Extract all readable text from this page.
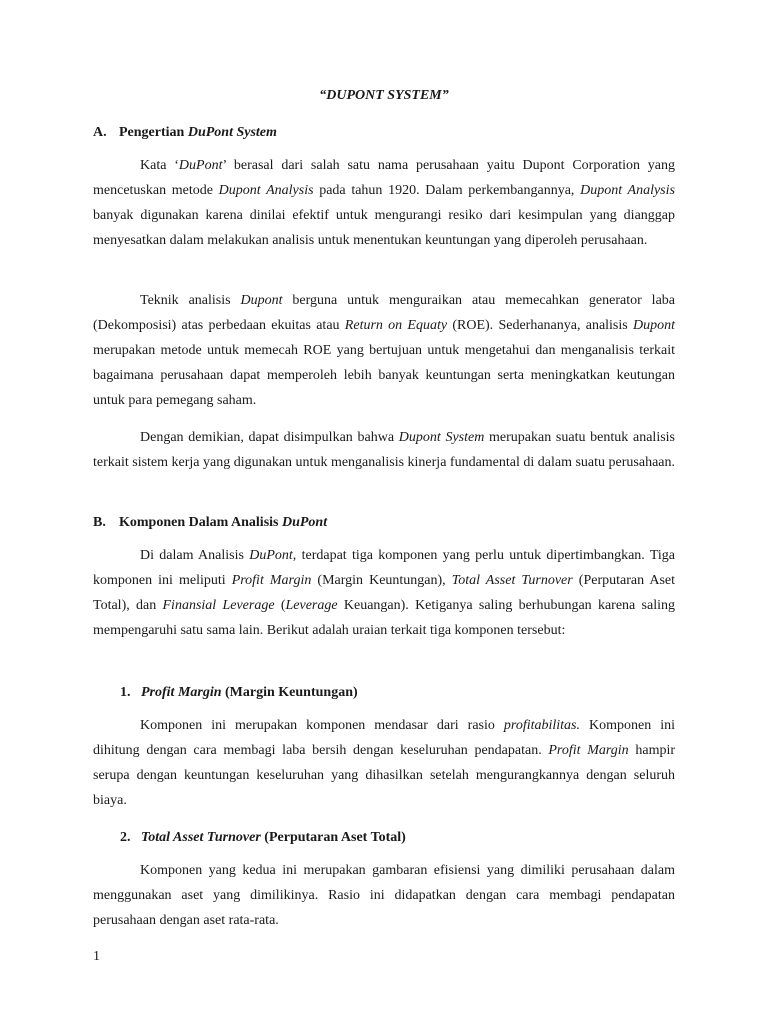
“DUPONT SYSTEM”
A. Pengertian DuPont System
Kata ‘DuPont’ berasal dari salah satu nama perusahaan yaitu Dupont Corporation yang mencetuskan metode Dupont Analysis pada tahun 1920. Dalam perkembangannya, Dupont Analysis banyak digunakan karena dinilai efektif untuk mengurangi resiko dari kesimpulan yang dianggap menyesatkan dalam melakukan analisis untuk menentukan keuntungan yang diperoleh perusahaan.
Teknik analisis Dupont berguna untuk menguraikan atau memecahkan generator laba (Dekomposisi) atas perbedaan ekuitas atau Return on Equaty (ROE). Sederhananya, analisis Dupont merupakan metode untuk memecah ROE yang bertujuan untuk mengetahui dan menganalisis terkait bagaimana perusahaan dapat memperoleh lebih banyak keuntungan serta meningkatkan keutungan untuk para pemegang saham.
Dengan demikian, dapat disimpulkan bahwa Dupont System merupakan suatu bentuk analisis terkait sistem kerja yang digunakan untuk menganalisis kinerja fundamental di dalam suatu perusahaan.
B. Komponen Dalam Analisis DuPont
Di dalam Analisis DuPont, terdapat tiga komponen yang perlu untuk dipertimbangkan. Tiga komponen ini meliputi Profit Margin (Margin Keuntungan), Total Asset Turnover (Perputaran Aset Total), dan Finansial Leverage (Leverage Keuangan). Ketiganya saling berhubungan karena saling mempengaruhi satu sama lain. Berikut adalah uraian terkait tiga komponen tersebut:
1. Profit Margin (Margin Keuntungan)
Komponen ini merupakan komponen mendasar dari rasio profitabilitas. Komponen ini dihitung dengan cara membagi laba bersih dengan keseluruhan pendapatan. Profit Margin hampir serupa dengan keuntungan keseluruhan yang dihasilkan setelah mengurangkannya dengan seluruh biaya.
2. Total Asset Turnover (Perputaran Aset Total)
Komponen yang kedua ini merupakan gambaran efisiensi yang dimiliki perusahaan dalam menggunakan aset yang dimilikinya. Rasio ini didapatkan dengan cara membagi pendapatan perusahaan dengan aset rata-rata.
1
